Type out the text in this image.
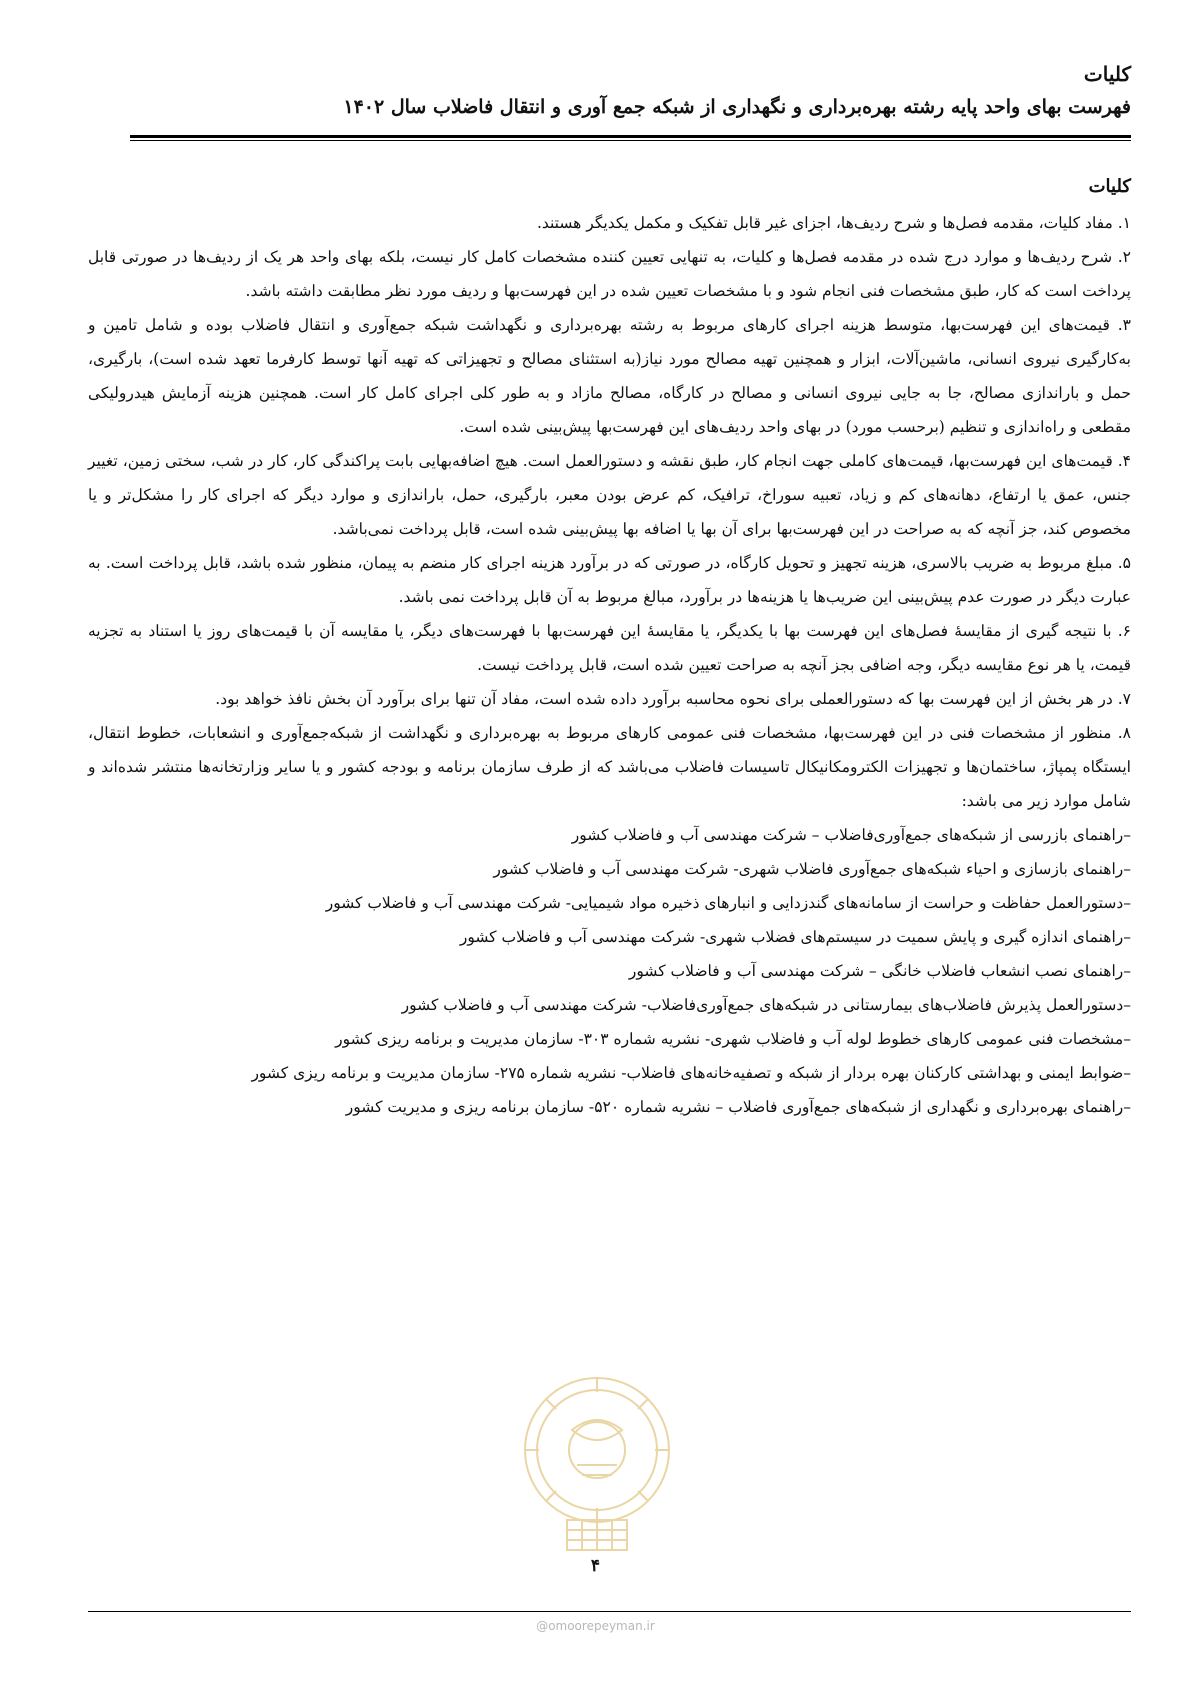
کلیات
فهرست بهای واحد پایه رشته بهره‌برداری و نگهداری از شبکه جمع آوری و انتقال فاضلاب سال ۱۴۰۲
کلیات

۱. مفاد کلیات، مقدمه فصل‌ها و شرح ردیف‌ها، اجزای غیر قابل تفکیک و مکمل یکدیگر هستند.

۲. شرح ردیف‌ها و موارد درج شده در مقدمه فصل‌ها و کلیات، به تنهایی تعیین کننده مشخصات کامل کار نیست، بلکه بهای واحد هر یک از ردیف‌ها در صورتی قابل پرداخت است که کار، طبق مشخصات فنی انجام شود و با مشخصات تعیین شده در این فهرست‌بها و ردیف مورد نظر مطابقت داشته باشد.

۳. قیمت‌های این فهرست‌بها، متوسط هزینه اجرای کارهای مربوط به رشته بهره‌برداری و نگهداشت شبکه جمع‌آوری و انتقال فاضلاب بوده و شامل تامین و به‌کارگیری نیروی انسانی، ماشین‌آلات، ابزار و همچنین تهیه مصالح مورد نیاز(به استثنای مصالح و تجهیزاتی که تهیه آنها توسط کارفرما تعهد شده است)، بارگیری، حمل و باراندازی مصالح، جا به جایی نیروی انسانی و مصالح در کارگاه، مصالح مازاد و به طور کلی اجرای کامل کار است. همچنین هزینه آزمایش هیدرولیکی مقطعی و راه‌اندازی و تنظیم (برحسب مورد) در بهای واحد ردیف‌های این فهرست‌بها پیش‌بینی شده است.

۴. قیمت‌های این فهرست‌بها، قیمت‌های کاملی جهت انجام کار، طبق نقشه و دستورالعمل است. هیچ اضافه‌بهایی بابت پراکندگی کار، کار در شب، سختی زمین، تغییر جنس، عمق یا ارتفاع، دهانه‌های کم و زیاد، تعبیه سوراخ، ترافیک، کم عرض بودن معبر، بارگیری، حمل، باراندازی و موارد دیگر که اجرای کار را مشکل‌تر و یا مخصوص کند، جز آنچه که به صراحت در این فهرست‌بها برای آن بها یا اضافه بها پیش‌بینی شده است، قابل پرداخت نمی‌باشد.

۵. مبلغ مربوط به ضریب بالاسری، هزینه تجهیز و تحویل کارگاه، در صورتی که در برآورد هزینه اجرای کار منضم به پیمان، منظور شده باشد، قابل پرداخت است. به عبارت دیگر در صورت عدم پیش‌بینی این ضریب‌ها یا هزینه‌ها در برآورد، مبالغ مربوط به آن قابل پرداخت نمی باشد.

۶. با نتیجه گیری از مقایسهٔ فصل‌های این فهرست بها با یکدیگر، یا مقایسهٔ این فهرست‌بها با فهرست‌های دیگر، یا مقایسه آن با قیمت‌های روز یا استناد به تجزیه قیمت، یا هر نوع مقایسه دیگر، وجه اضافی بجز آنچه به صراحت تعیین شده است، قابل پرداخت نیست.

۷. در هر بخش از این فهرست بها که دستورالعملی برای نحوه محاسبه برآورد داده شده است، مفاد آن تنها برای برآورد آن بخش نافذ خواهد بود.

۸. منظور از مشخصات فنی در این فهرست‌بها، مشخصات فنی عمومی کارهای مربوط به بهره‌برداری و نگهداشت از شبکه‌جمع‌آوری و انشعابات، خطوط انتقال، ایستگاه پمپاژ، ساختمان‌ها و تجهیزات الکترومکانیکال تاسیسات فاضلاب می‌باشد که از طرف سازمان برنامه و بودجه کشور و یا سایر وزارتخانه‌ها منتشر شده‌اند و شامل موارد زیر می باشد:

–راهنمای بازرسی از شبکه‌های جمع‌آوری‌فاضلاب – شرکت مهندسی آب و فاضلاب کشور
–راهنمای بازسازی و احیاء شبکه‌های جمع‌آوری فاضلاب شهری- شرکت مهندسی آب و فاضلاب کشور
–دستورالعمل حفاظت و حراست از سامانه‌های گندزدایی و انبارهای ذخیره مواد شیمیایی- شرکت مهندسی آب و فاضلاب کشور
–راهنمای اندازه گیری و پایش سمیت در سیستم‌های فضلاب شهری- شرکت مهندسی آب و فاضلاب کشور
–راهنمای نصب انشعاب فاضلاب خانگی – شرکت مهندسی آب و فاضلاب کشور
–دستورالعمل پذیرش فاضلاب‌های بیمارستانی در شبکه‌های جمع‌آوری‌فاضلاب- شرکت مهندسی آب و فاضلاب کشور
–مشخصات فنی عمومی کارهای خطوط لوله آب و فاضلاب شهری- نشریه شماره ۳۰۳- سازمان مدیریت و برنامه ریزی کشور
–ضوابط ایمنی و بهداشتی کارکنان بهره بردار از شبکه و تصفیه‌خانه‌های فاضلاب- نشریه شماره ۲۷۵- سازمان مدیریت و برنامه ریزی کشور
–راهنمای بهره‌برداری و نگهداری از شبکه‌های جمع‌آوری فاضلاب – نشریه شماره ۵۲۰- سازمان برنامه ریزی و مدیریت کشور
۴
@omoorepeyman.ir
